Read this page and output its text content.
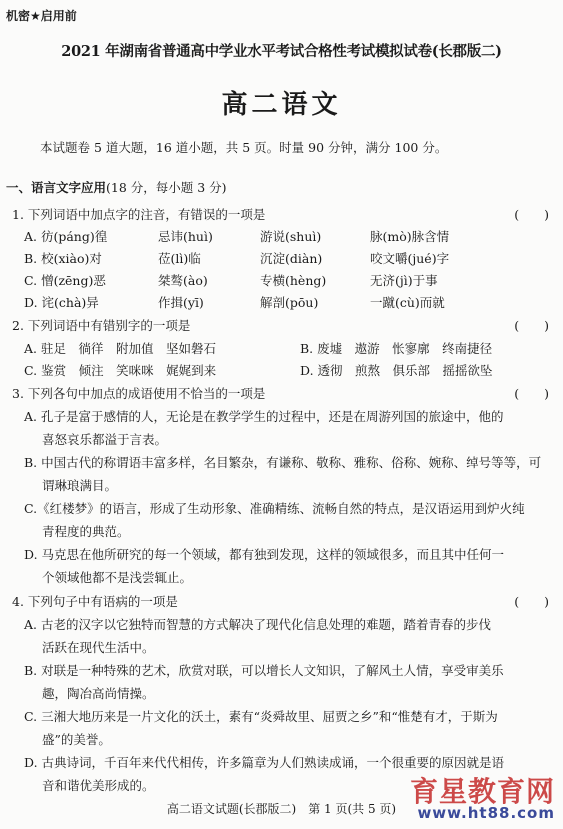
机密★启用前
2021 年湖南省普通高中学业水平考试合格性考试模拟试卷(长郡版二)
高二语文
本试题卷 5 道大题，16 道小题，共 5 页。时量 90 分钟，满分 100 分。
一、语言文字应用(18 分，每小题 3 分)
1. 下列词语中加点字的注音，有错误的一项是	(　　)
A. 彷(páng)徨	忌讳(huì)	游说(shuì)	脉(mò)脉含情
B. 校(xiào)对	莅(lì)临	沉淀(diàn)	咬文嚼(jué)字
C. 憎(zēng)恶	桀骜(ào)	专横(hèng)	无济(jì)于事
D. 诧(chà)异	作揖(yī)	解剖(pōu)	一蹴(cù)而就
2. 下列词语中有错别字的一项是	(　　)
A. 驻足　徜徉　附加值　坚如磐石	B. 废墟　遨游　怅寥廓　终南捷径
C. 鉴赏　倾注　笑咪咪　娓娓到来	D. 透彻　煎熬　俱乐部　摇摇欲坠
3. 下列各句中加点的成语使用不恰当的一项是	(　　)
A. 孔子是富于感情的人，无论是在教学学生的过程中，还是在周游列国的旅途中，他的
喜怒哀乐都溢于言表。
B. 中国古代的称谓语丰富多样，名目繁杂，有谦称、敬称、雅称、俗称、婉称、绰号等等，可
谓琳琅满目。
C.《红楼梦》的语言，形成了生动形象、准确精练、流畅自然的特点，是汉语运用到炉火纯
青程度的典范。
D. 马克思在他所研究的每一个领域，都有独到发现，这样的领域很多，而且其中任何一
个领域他都不是浅尝辄止。
4. 下列句子中有语病的一项是	(　　)
A. 古老的汉字以它独特而智慧的方式解决了现代化信息处理的难题，踏着青春的步伐
活跃在现代生活中。
B. 对联是一种特殊的艺术，欣赏对联，可以增长人文知识，了解风土人情，享受审美乐
趣，陶冶高尚情操。
C. 三湘大地历来是一片文化的沃土，素有“炎舜故里、屈贾之乡”和“惟楚有才，于斯为
盛”的美誉。
D. 古典诗词，千百年来代代相传，许多篇章为人们熟读成诵，一个很重要的原因就是语
音和谐优美形成的。
高二语文试题(长郡版二)　第 1 页(共 5 页)
育星教育网
www.ht88.com
